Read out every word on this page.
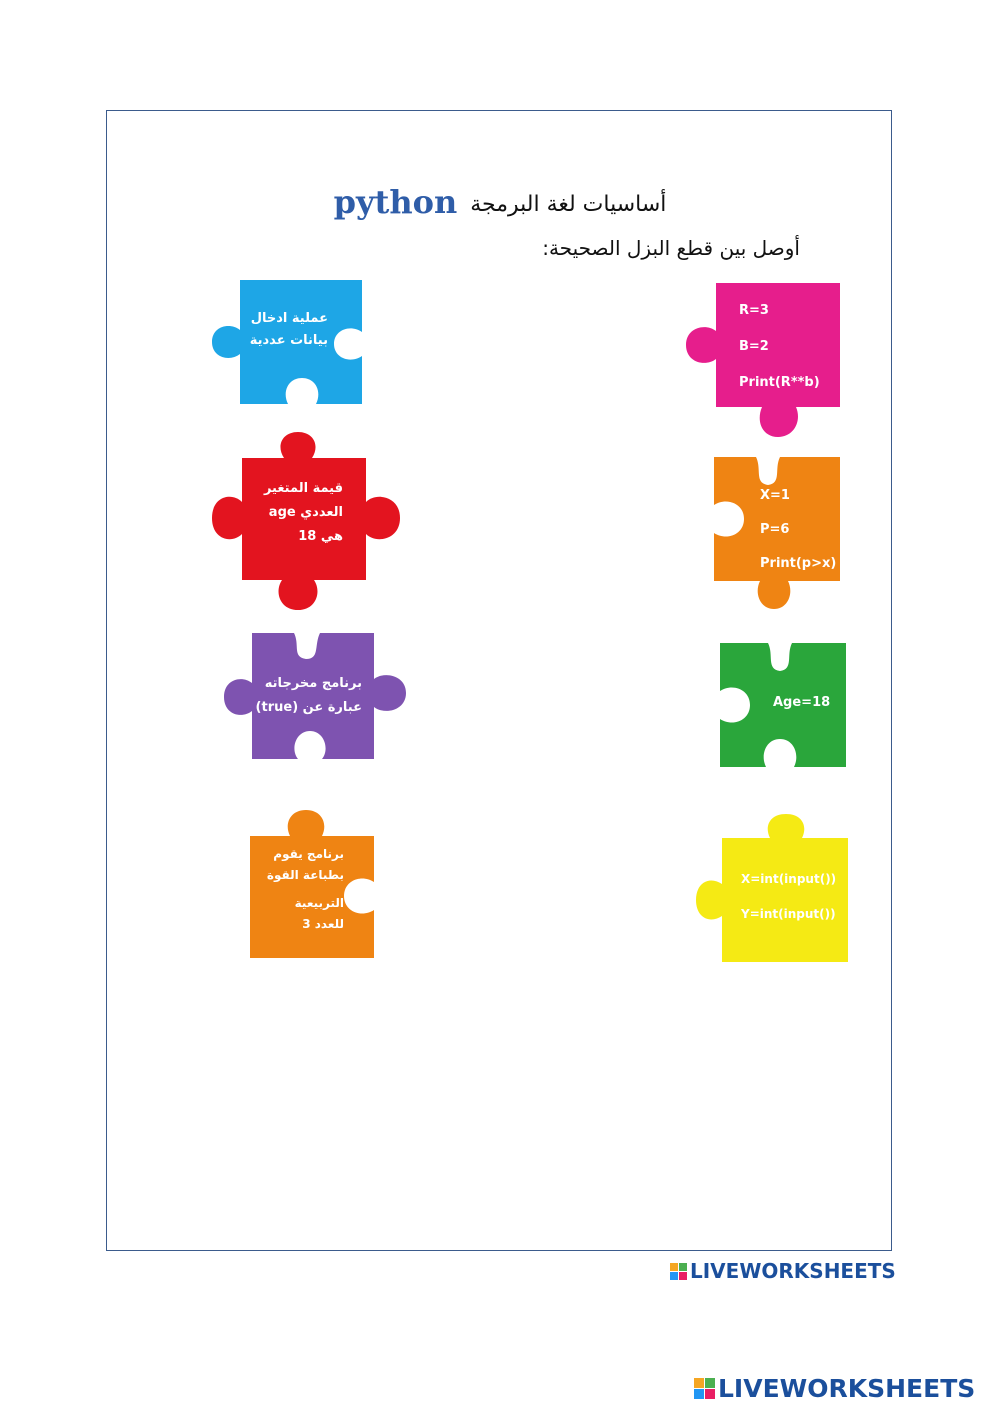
أساسيات لغة البرمجة python
أوصل بين قطع البزل الصحيحة:
عملية ادخال
بيانات عددية
قيمة المتغير
العددي age
هي 18
برنامج مخرجاته
عبارة عن (true)
برنامج يقوم
بطباعة القوة
التربيعية
للعدد 3
R=3
B=2
Print(R**b)
X=1
P=6
Print(p>x)
Age=18
X=int(input())
Y=int(input())
LIVEWORKSHEETS
LIVEWORKSHEETS
